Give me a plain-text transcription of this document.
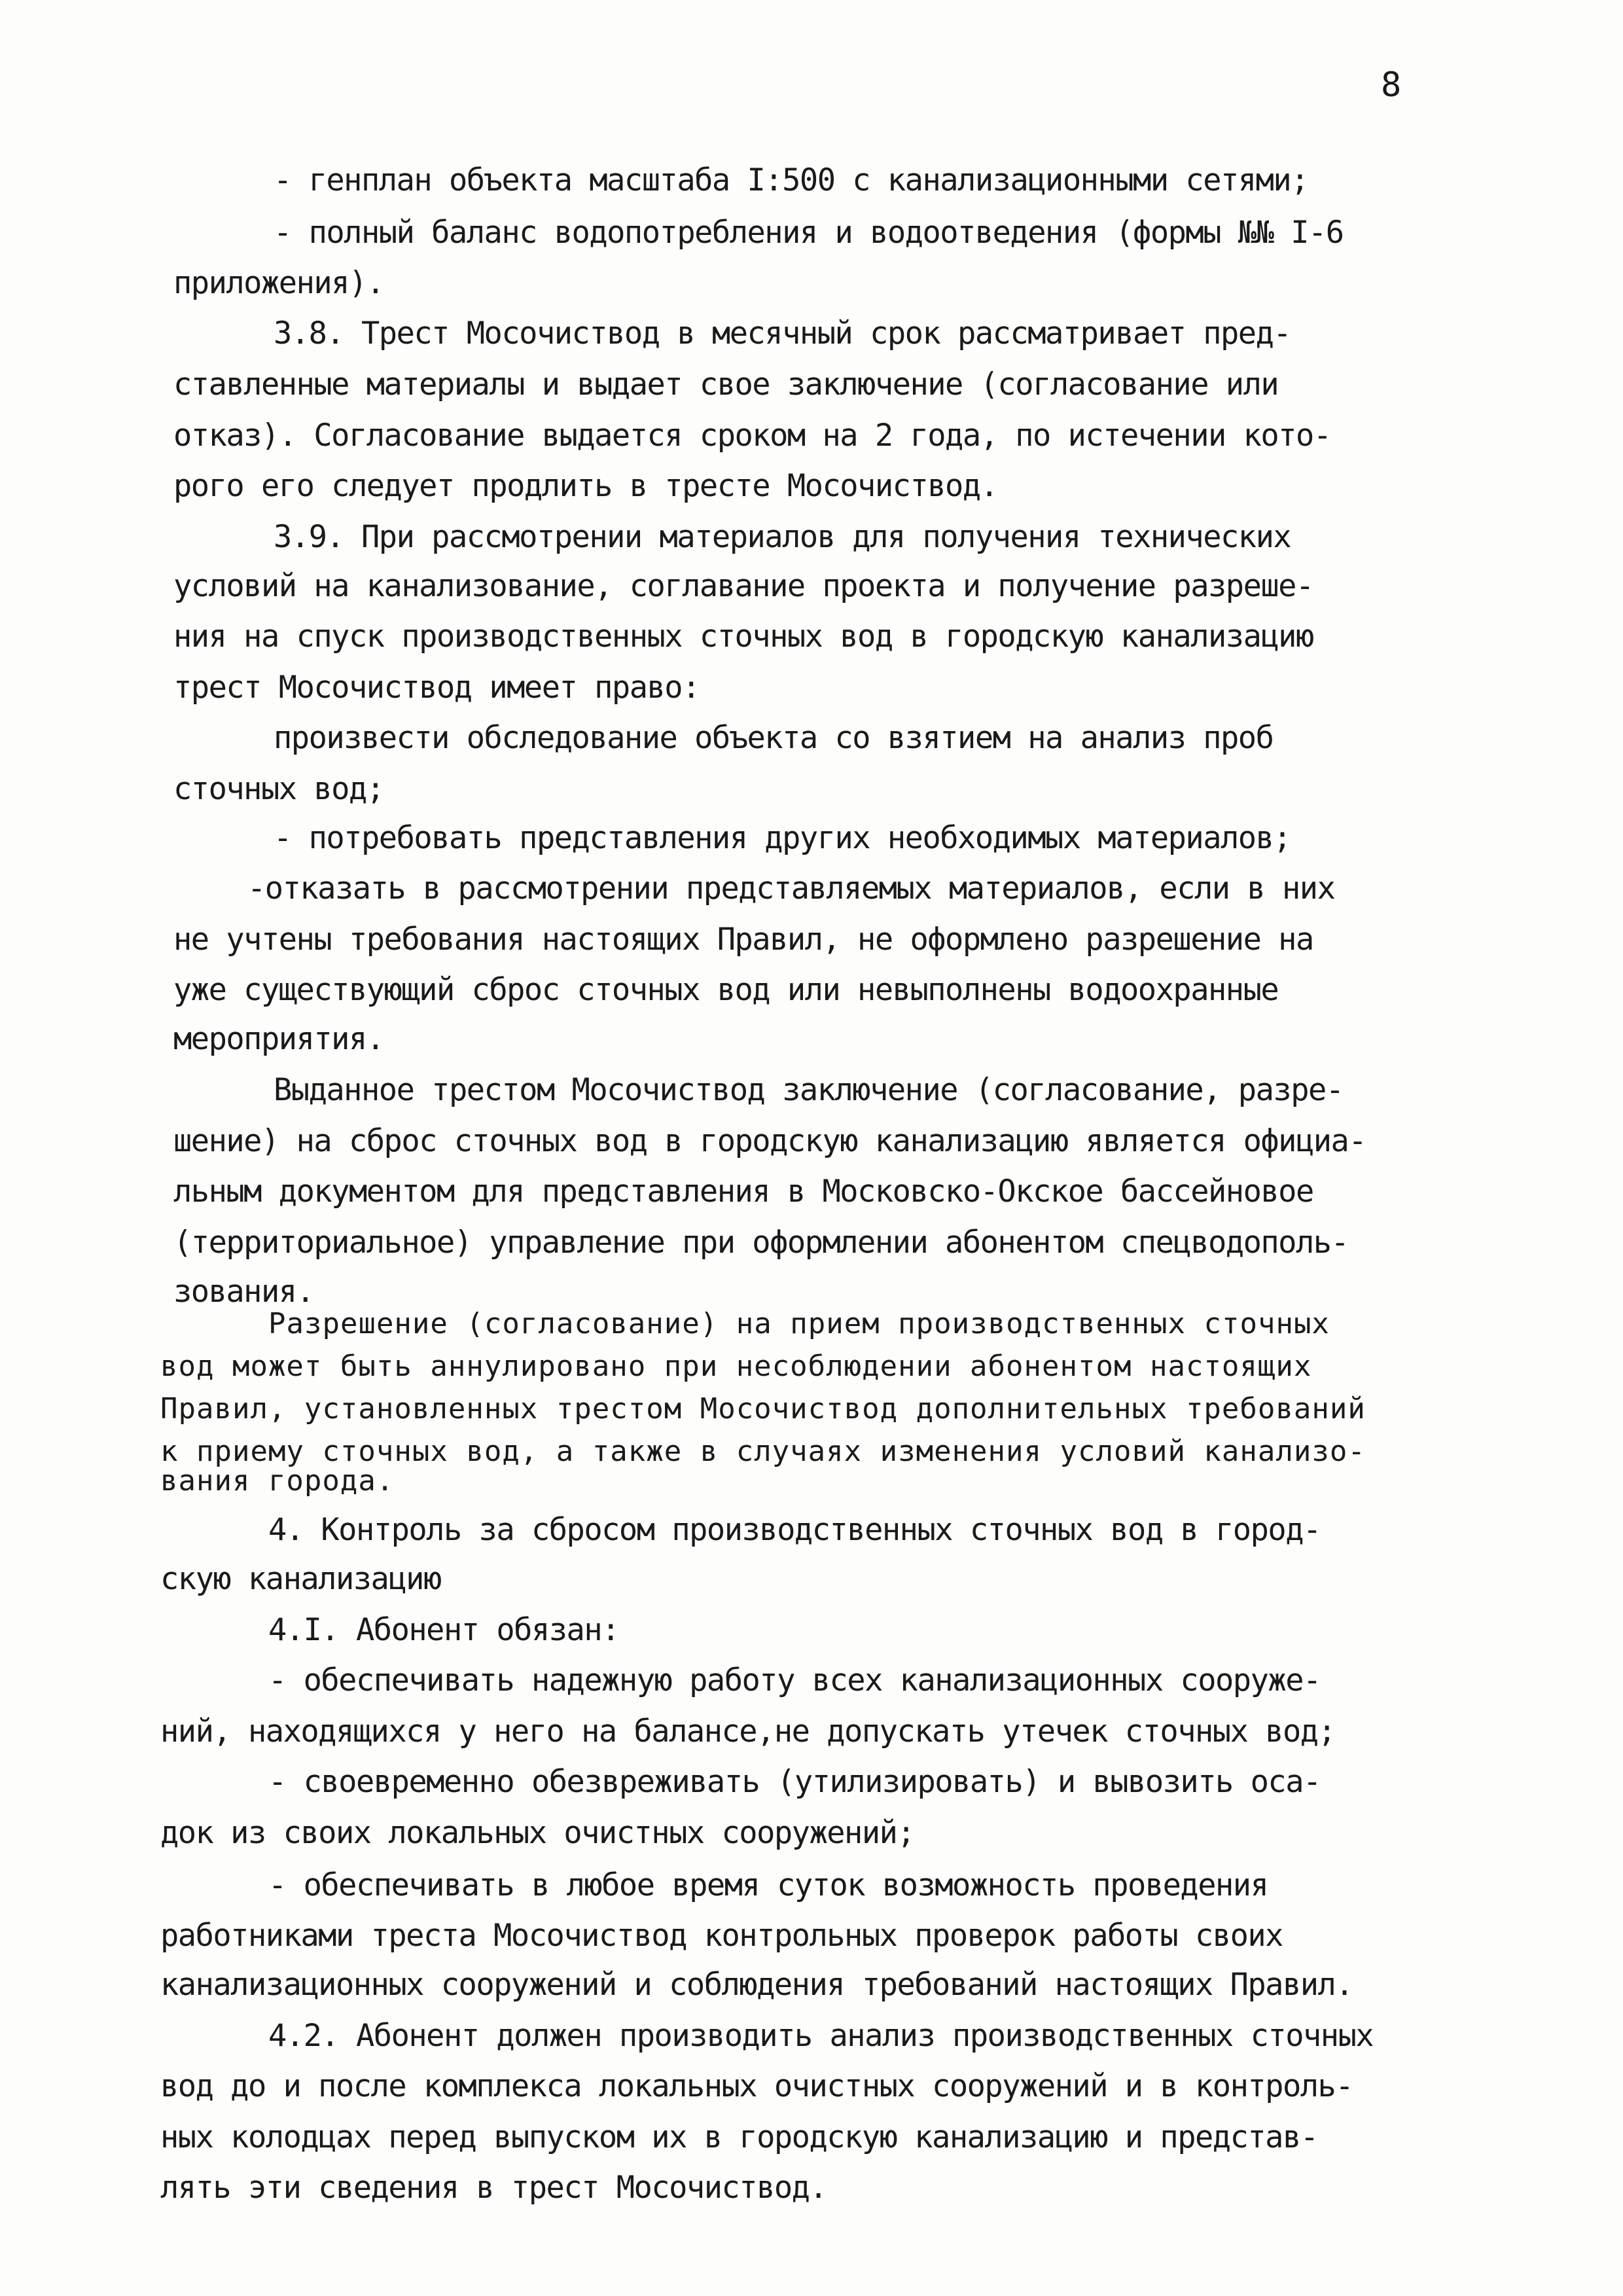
8
- генплан объекта масштаба I:500 с канализационными сетями;
- полный баланс водопотребления и водоотведения (формы №№ I-6
приложения).
3.8. Трест Мосочиствод в месячный срок рассматривает пред-
ставленные материалы и выдает свое заключение (согласование или
отказ). Согласование выдается сроком на 2 года, по истечении кото-
рого его следует продлить в тресте Мосочиствод.
3.9. При рассмотрении материалов для получения технических
условий на канализование, соглавание проекта и получение разреше-
ния на спуск производственных сточных вод в городскую канализацию
трест Мосочиствод имеет право:
произвести обследование объекта со взятием на анализ проб
сточных вод;
- потребовать представления других необходимых материалов;
-отказать в рассмотрении представляемых материалов, если в них
не учтены требования настоящих Правил, не оформлено разрешение на
уже существующий сброс сточных вод или невыполнены водоохранные
мероприятия.
Выданное трестом Мосочиствод заключение (согласование, разре-
шение) на сброс сточных вод в городскую канализацию является официа-
льным документом для представления в Московско-Окское бассейновое
(территориальное) управление при оформлении абонентом спецводополь-
зования.
Разрешение (согласование) на прием производственных сточных
вод может быть аннулировано при несоблюдении абонентом настоящих
Правил, установленных трестом Мосочиствод дополнительных требований
к приему сточных вод, а также в случаях изменения условий канализо-
вания города.
4. Контроль за сбросом производственных сточных вод в город-
скую канализацию
4.I. Абонент обязан:
- обеспечивать надежную работу всех канализационных сооруже-
ний, находящихся у него на балансе,не допускать утечек сточных вод;
- своевременно обезвреживать (утилизировать) и вывозить оса-
док из своих локальных очистных сооружений;
- обеспечивать в любое время суток возможность проведения
работниками треста Мосочиствод контрольных проверок работы своих
канализационных сооружений и соблюдения требований настоящих Правил.
4.2. Абонент должен производить анализ производственных сточных
вод до и после комплекса локальных очистных сооружений и в контроль-
ных колодцах перед выпуском их в городскую канализацию и представ-
лять эти сведения в трест Мосочиствод.
